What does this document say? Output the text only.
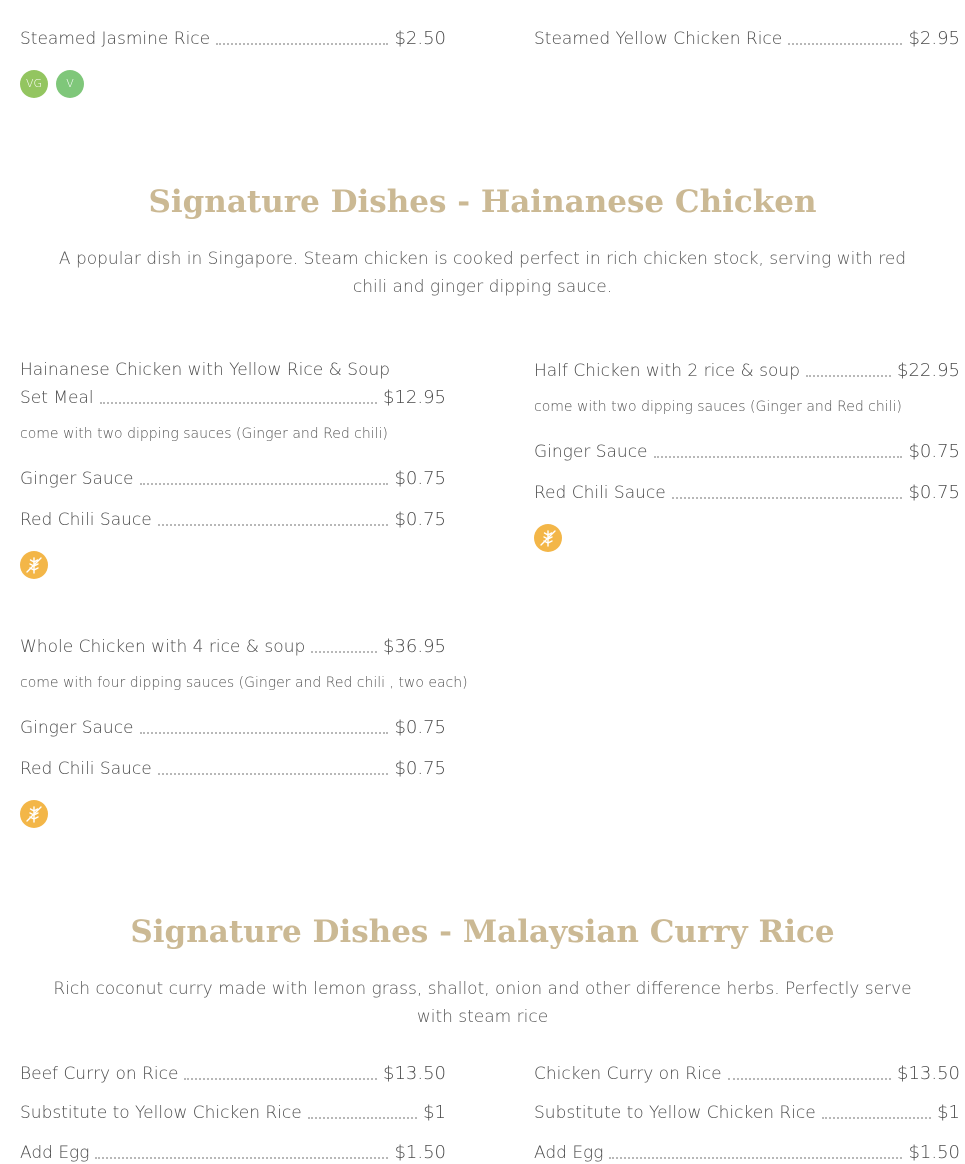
Steamed Jasmine Rice	$2.50
VG	V
Steamed Yellow Chicken Rice	$2.95
Signature Dishes - Hainanese Chicken
A popular dish in Singapore. Steam chicken is cooked perfect in rich chicken stock, serving with red chili and ginger dipping sauce.
Hainanese Chicken with Yellow Rice & Soup
Set Meal	$12.95
come with two dipping sauces (Ginger and Red chili)
Ginger Sauce	$0.75
Red Chili Sauce	$0.75
Half Chicken with 2 rice & soup	$22.95
come with two dipping sauces (Ginger and Red chili)
Ginger Sauce	$0.75
Red Chili Sauce	$0.75
Whole Chicken with 4 rice & soup	$36.95
come with four dipping sauces (Ginger and Red chili , two each)
Ginger Sauce	$0.75
Red Chili Sauce	$0.75
Signature Dishes - Malaysian Curry Rice
Rich coconut curry made with lemon grass, shallot, onion and other difference herbs. Perfectly serve with steam rice
Beef Curry on Rice	$13.50
Substitute to Yellow Chicken Rice	$1
Add Egg	$1.50
Chicken Curry on Rice	$13.50
Substitute to Yellow Chicken Rice	$1
Add Egg	$1.50
